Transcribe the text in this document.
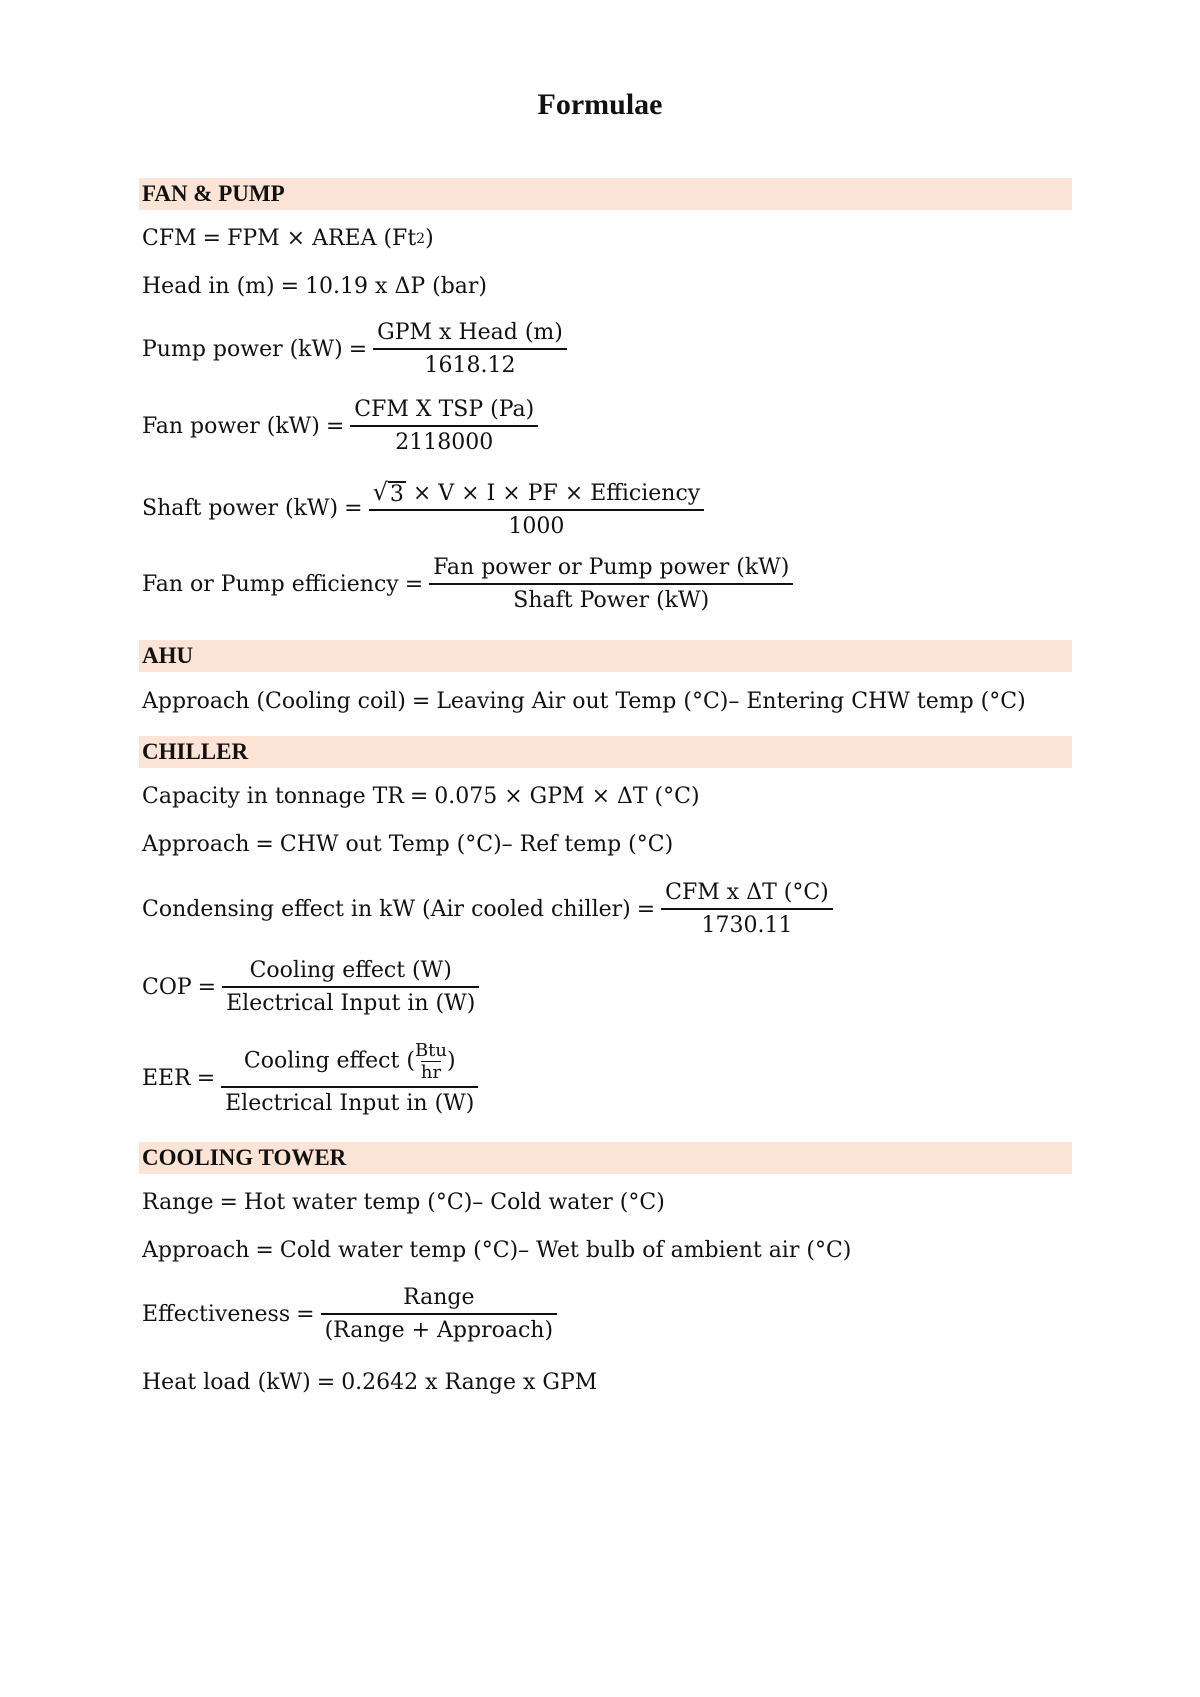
Formulae
FAN & PUMP
CFM = FPM × AREA (Ft 2 )
Head in (m) = 10.19 x ΔP (bar)
Pump power $(kW) = \frac{\text{GPM x Head (m)}}{1618.12}$
Fan power $(kW) = \frac{\text{CFM X TSP (Pa)}}{2118000}$
Shaft power $(kW) = \frac{\text{√ 3 × V × I × PF × Efficiency}}{1000}$
Fan or Pump efficiency = $\frac{\text{Fan power or Pump power (kW)}}{\text{Shaft Power (kW)}}$
AHU
Approach (Cooling coil) = Leaving Air out Temp (°C)– Entering CHW temp (°C)
CHILLER
Capacity in tonnage TR = 0.075 × GPM × ΔT (°C)
Approach = CHW out Temp (°C)– Ref temp (°C)
Condensing effect in kW (Air cooled chiller) = $\frac{\text{CFM x ΔT (°C)}}{1730.11}$
COP = $\frac{\text{Cooling effect (W)}}{\text{Electrical Input in (W)}}$
EER = $\frac{Cooling effect ( \frac{\text{Btu}}{hr} )}{\text{Electrical Input in (W)}}$
COOLING TOWER
Range = Hot water temp (°C)– Cold water (°C)
Approach = Cold water temp (°C)– Wet bulb of ambient air (°C)
Effectiveness = $\frac{\text{Range}}{\text{(Range + Approach)}}$
Heat load (kW) = 0.2642 x Range x GPM
